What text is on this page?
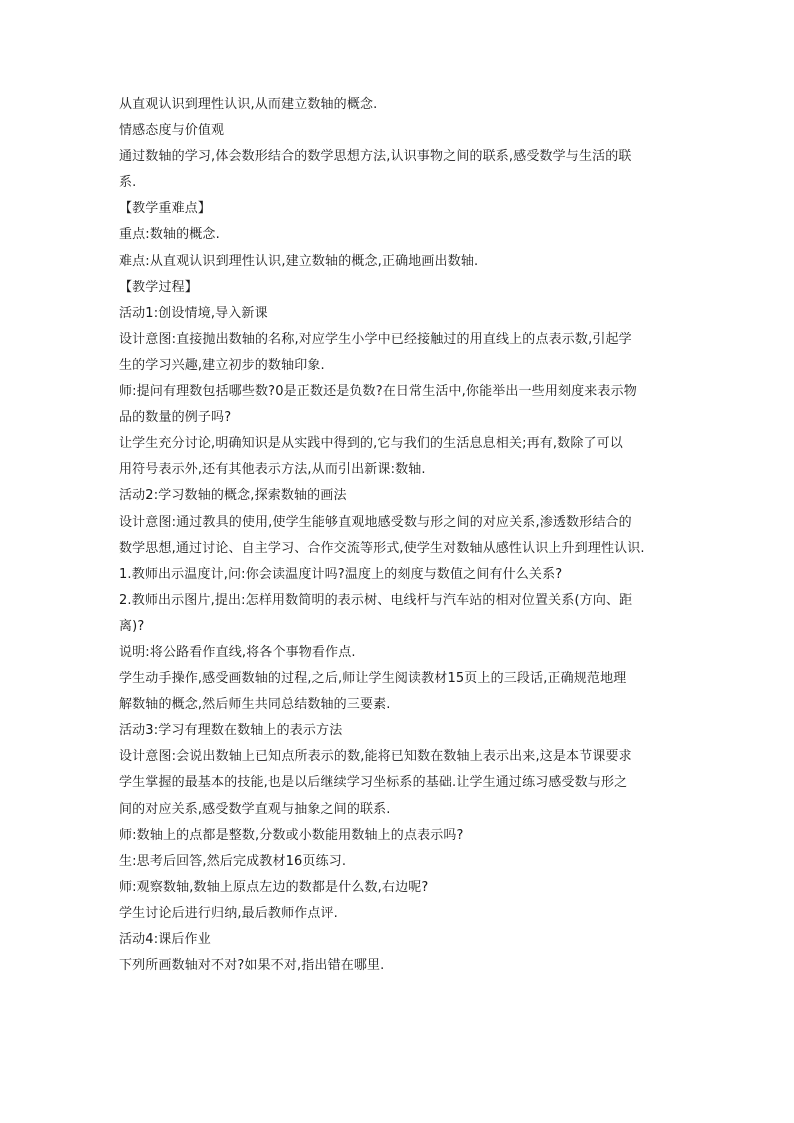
从直观认识到理性认识,从而建立数轴的概念.
情感态度与价值观
通过数轴的学习,体会数形结合的数学思想方法,认识事物之间的联系,感受数学与生活的联
系.
【教学重难点】
重点:数轴的概念.
难点:从直观认识到理性认识,建立数轴的概念,正确地画出数轴.
【教学过程】
活动1:创设情境,导入新课
设计意图:直接抛出数轴的名称,对应学生小学中已经接触过的用直线上的点表示数,引起学
生的学习兴趣,建立初步的数轴印象.
师:提问有理数包括哪些数?0是正数还是负数?在日常生活中,你能举出一些用刻度来表示物
品的数量的例子吗?
让学生充分讨论,明确知识是从实践中得到的,它与我们的生活息息相关;再有,数除了可以
用符号表示外,还有其他表示方法,从而引出新课:数轴.
活动2:学习数轴的概念,探索数轴的画法
设计意图:通过教具的使用,使学生能够直观地感受数与形之间的对应关系,渗透数形结合的
数学思想,通过讨论、自主学习、合作交流等形式,使学生对数轴从感性认识上升到理性认识.
1.教师出示温度计,问:你会读温度计吗?温度上的刻度与数值之间有什么关系?
2.教师出示图片,提出:怎样用数简明的表示树、电线杆与汽车站的相对位置关系(方向、距
离)?
说明:将公路看作直线,将各个事物看作点.
学生动手操作,感受画数轴的过程,之后,师让学生阅读教材15页上的三段话,正确规范地理
解数轴的概念,然后师生共同总结数轴的三要素.
活动3:学习有理数在数轴上的表示方法
设计意图:会说出数轴上已知点所表示的数,能将已知数在数轴上表示出来,这是本节课要求
学生掌握的最基本的技能,也是以后继续学习坐标系的基础.让学生通过练习感受数与形之
间的对应关系,感受数学直观与抽象之间的联系.
师:数轴上的点都是整数,分数或小数能用数轴上的点表示吗?
生:思考后回答,然后完成教材16页练习.
师:观察数轴,数轴上原点左边的数都是什么数,右边呢?
学生讨论后进行归纳,最后教师作点评.
活动4:课后作业
下列所画数轴对不对?如果不对,指出错在哪里.
